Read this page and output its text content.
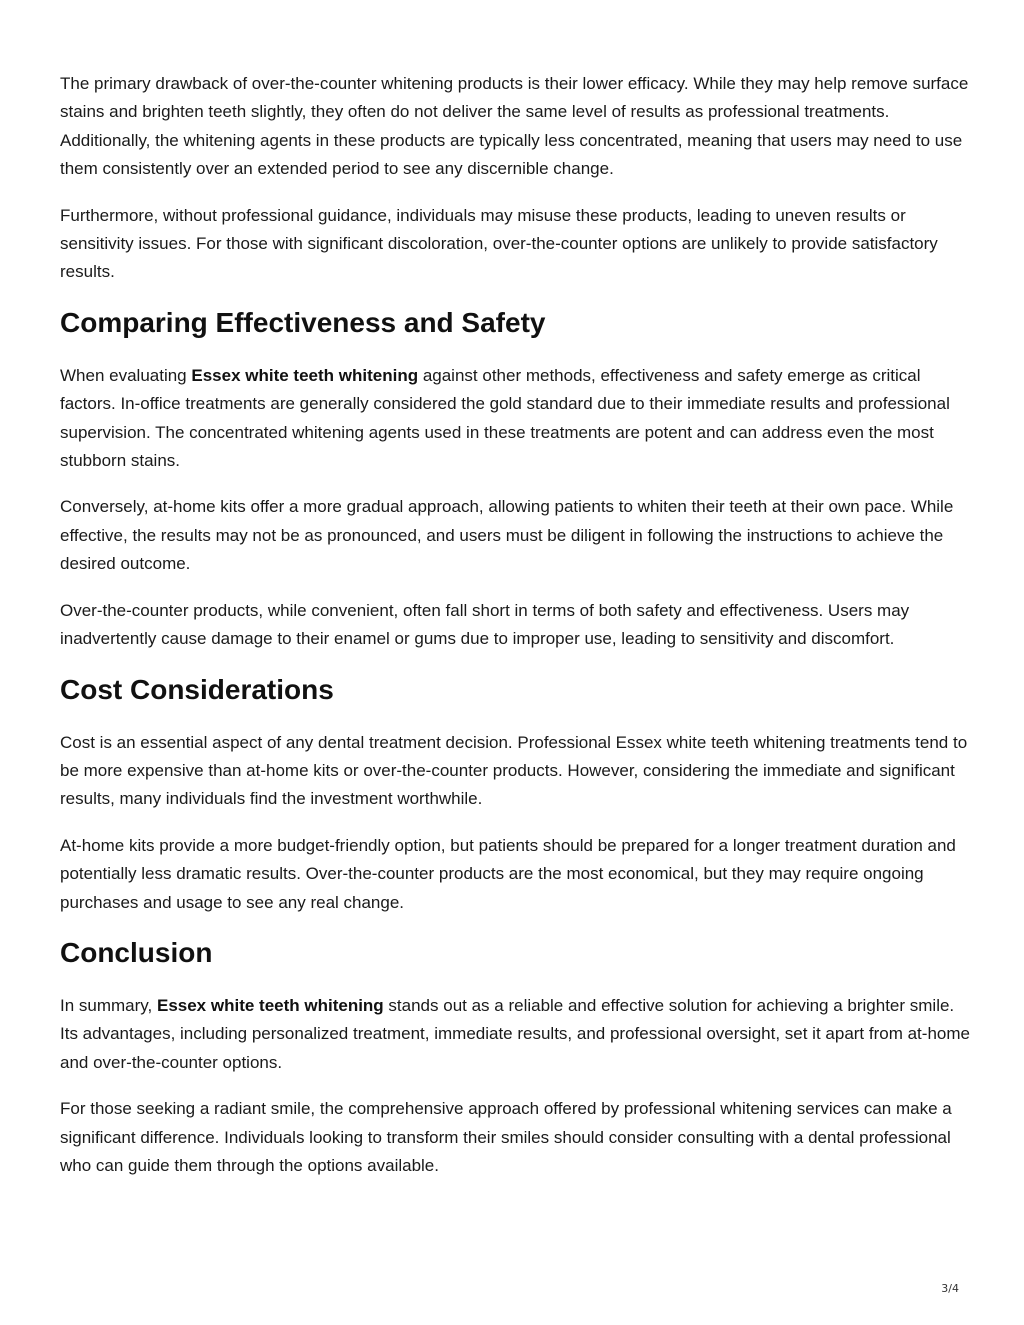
The primary drawback of over-the-counter whitening products is their lower efficacy. While they may help remove surface stains and brighten teeth slightly, they often do not deliver the same level of results as professional treatments. Additionally, the whitening agents in these products are typically less concentrated, meaning that users may need to use them consistently over an extended period to see any discernible change.

Furthermore, without professional guidance, individuals may misuse these products, leading to uneven results or sensitivity issues. For those with significant discoloration, over-the-counter options are unlikely to provide satisfactory results.

Comparing Effectiveness and Safety

When evaluating Essex white teeth whitening against other methods, effectiveness and safety emerge as critical factors. In-office treatments are generally considered the gold standard due to their immediate results and professional supervision. The concentrated whitening agents used in these treatments are potent and can address even the most stubborn stains.

Conversely, at-home kits offer a more gradual approach, allowing patients to whiten their teeth at their own pace. While effective, the results may not be as pronounced, and users must be diligent in following the instructions to achieve the desired outcome.

Over-the-counter products, while convenient, often fall short in terms of both safety and effectiveness. Users may inadvertently cause damage to their enamel or gums due to improper use, leading to sensitivity and discomfort.

Cost Considerations

Cost is an essential aspect of any dental treatment decision. Professional Essex white teeth whitening treatments tend to be more expensive than at-home kits or over-the-counter products. However, considering the immediate and significant results, many individuals find the investment worthwhile.

At-home kits provide a more budget-friendly option, but patients should be prepared for a longer treatment duration and potentially less dramatic results. Over-the-counter products are the most economical, but they may require ongoing purchases and usage to see any real change.

Conclusion

In summary, Essex white teeth whitening stands out as a reliable and effective solution for achieving a brighter smile. Its advantages, including personalized treatment, immediate results, and professional oversight, set it apart from at-home and over-the-counter options.

For those seeking a radiant smile, the comprehensive approach offered by professional whitening services can make a significant difference. Individuals looking to transform their smiles should consider consulting with a dental professional who can guide them through the options available.

3/4
